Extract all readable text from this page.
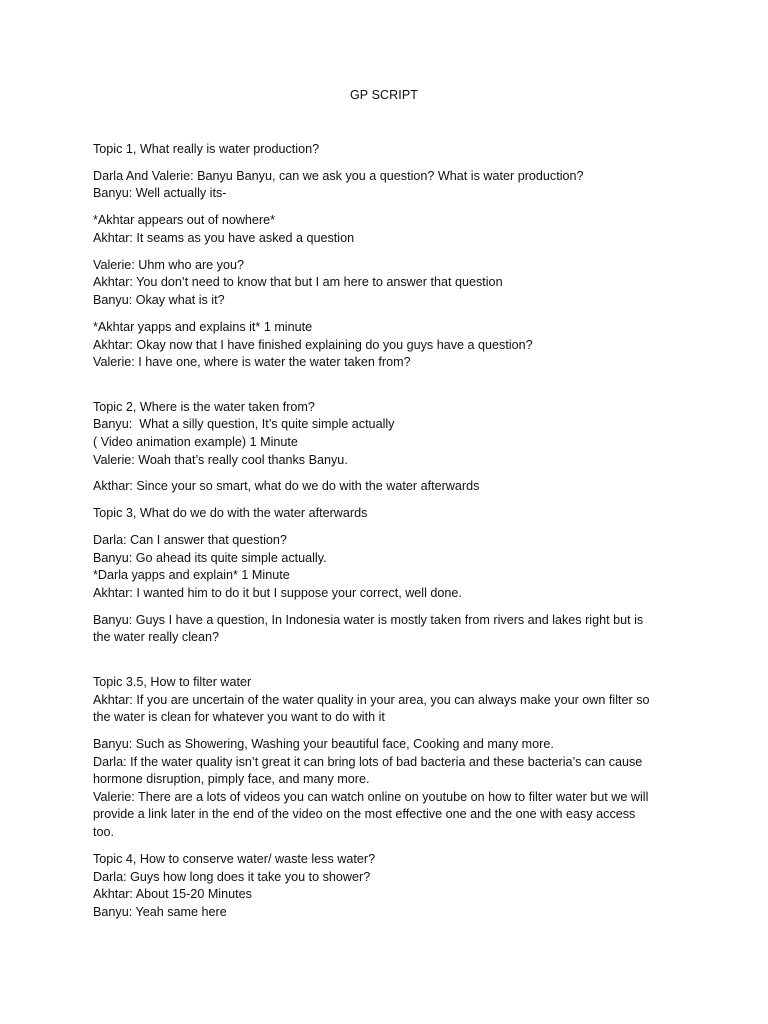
GP SCRIPT
Topic 1, What really is water production?
Darla And Valerie: Banyu Banyu, can we ask you a question? What is water production?
Banyu: Well actually its-
*Akhtar appears out of nowhere*
Akhtar: It seams as you have asked a question
Valerie: Uhm who are you?
Akhtar: You don’t need to know that but I am here to answer that question
Banyu: Okay what is it?
*Akhtar yapps and explains it* 1 minute
Akhtar: Okay now that I have finished explaining do you guys have a question?
Valerie: I have one, where is water the water taken from?
Topic 2, Where is the water taken from?
Banyu:  What a silly question, It’s quite simple actually
( Video animation example) 1 Minute
Valerie: Woah that’s really cool thanks Banyu.
Akthar: Since your so smart, what do we do with the water afterwards
Topic 3, What do we do with the water afterwards
Darla: Can I answer that question?
Banyu: Go ahead its quite simple actually.
*Darla yapps and explain* 1 Minute
Akhtar: I wanted him to do it but I suppose your correct, well done.
Banyu: Guys I have a question, In Indonesia water is mostly taken from rivers and lakes right but is
the water really clean?
Topic 3.5, How to filter water
Akhtar: If you are uncertain of the water quality in your area, you can always make your own filter so
the water is clean for whatever you want to do with it
Banyu: Such as Showering, Washing your beautiful face, Cooking and many more.
Darla: If the water quality isn’t great it can bring lots of bad bacteria and these bacteria’s can cause
hormone disruption, pimply face, and many more.
Valerie: There are a lots of videos you can watch online on youtube on how to filter water but we will
provide a link later in the end of the video on the most effective one and the one with easy access
too.
Topic 4, How to conserve water/ waste less water?
Darla: Guys how long does it take you to shower?
Akhtar: About 15-20 Minutes
Banyu: Yeah same here
